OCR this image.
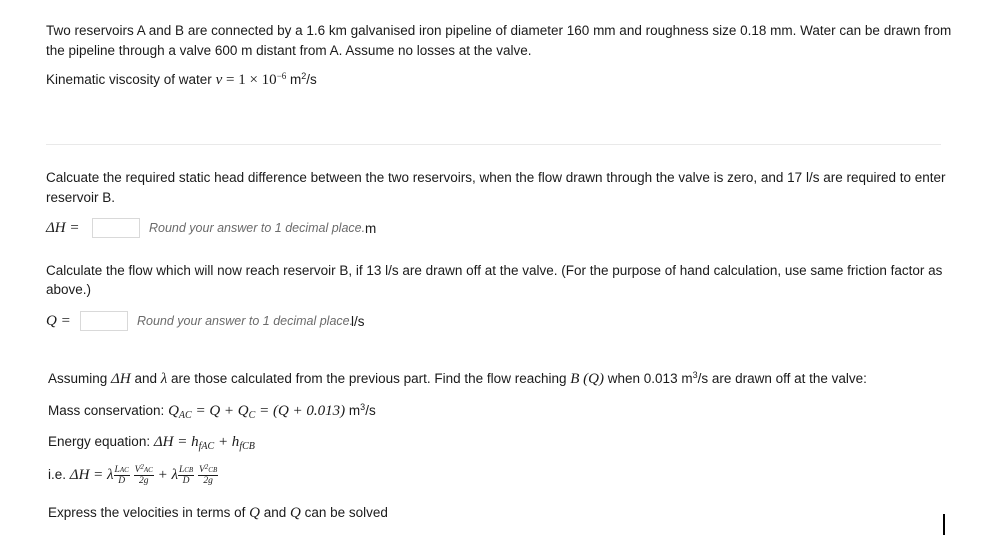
Two reservoirs A and B are connected by a 1.6 km galvanised iron pipeline of diameter 160 mm and roughness size 0.18 mm. Water can be drawn from
the pipeline through a valve 600 m distant from A. Assume no losses at the valve.
Kinematic viscosity of water $v = 1 \times 10^{-6}$ $m^2/s$
Calcuate the required static head difference between the two reservoirs, when the flow drawn through the valve is zero, and 17 l/s are required to enter
reservoir B.
ΔH =	Round your answer to 1 decimal place. m
Calculate the flow which will now reach reservoir B, if 13 l/s are drawn off at the valve. (For the purpose of hand calculation, use same friction factor as
above.)
Q =	Round your answer to 1 decimal place.
l/s
Assuming ΔH and λ are those calculated from the previous part. Find the flow reaching B (Q) when 0.013 $m^3/s$ are drawn off at the valve:
Mass conservation: $Q_{AC} = Q + Q_C = (Q + 0.013)$ $m^3/s$
Energy equation: $\Delta H = h_{fAC} + h_{fCB}$
i.e. ΔH = λ $\frac{\text{LAC}}{D}$
$\frac{V^2AC}{2g} + \lambda \frac{\text{LCB}}{D}$
$\frac{V^2CB}{2g}$
Express the velocities in terms of Q and Q can be solved
